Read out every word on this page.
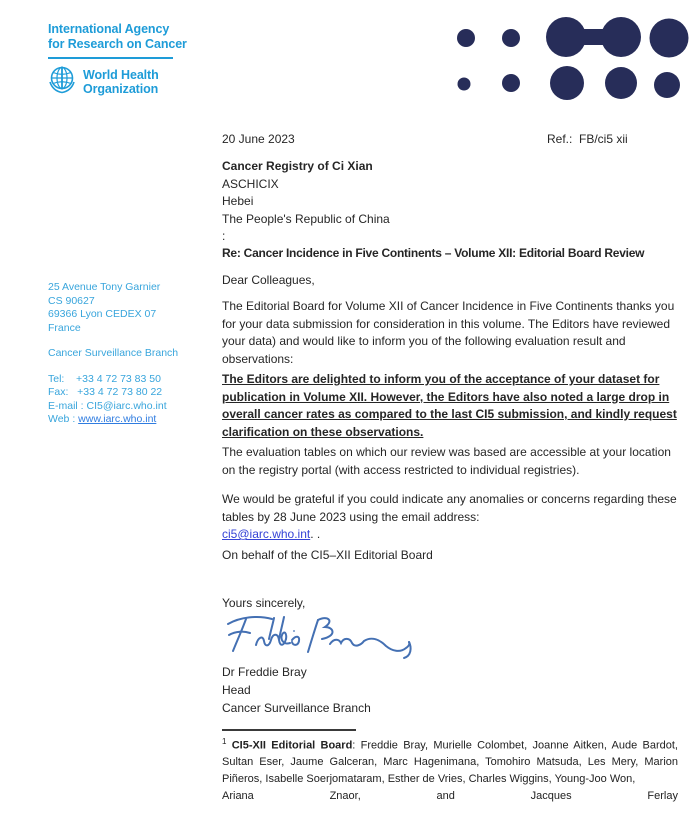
International Agency
for Research on Cancer
World Health
Organization
25 Avenue Tony Garnier
CS 90627
69366 Lyon CEDEX 07
France
Cancer Surveillance Branch
Tel:    +33 4 72 73 83 50
Fax:   +33 4 72 73 80 22
E-mail : CI5@iarc.who.int
Web : www.iarc.who.int
20 June 2023	Ref.:  FB/ci5 xii
Cancer Registry of Ci Xian
ASCHICIX
Hebei
The People's Republic of China
:
Re: Cancer Incidence in Five Continents – Volume XII: Editorial Board Review
Dear Colleagues,
The Editorial Board for Volume XII of Cancer Incidence in Five Continents thanks you for your data submission for consideration in this volume. The Editors have reviewed your data) and would like to inform you of the following evaluation result and observations:
The Editors are delighted to inform you of the acceptance of your dataset for publication in Volume XII. However, the Editors have also noted a large drop in overall cancer rates as compared to the last CI5 submission, and kindly request clarification on these observations.
The evaluation tables on which our review was based are accessible at your location on the registry portal (with access restricted to individual registries).
We would be grateful if you could indicate any anomalies or concerns regarding these tables by 28 June 2023 using the email address:
ci5@iarc.who.int. .
On behalf of the CI5–XII Editorial Board
Yours sincerely,
Dr Freddie Bray
Head
Cancer Surveillance Branch
$^1$ CI5-XII Editorial Board: Freddie Bray, Murielle Colombet, Joanne Aitken, Aude Bardot, Sultan Eser, Jaume Galceran, Marc Hagenimana, Tomohiro Matsuda, Les Mery, Marion Piñeros, Isabelle Soerjomataram, Esther de Vries, Charles Wiggins, Young-Joo Won,
Ariana Znaor, and Jacques Ferlay
